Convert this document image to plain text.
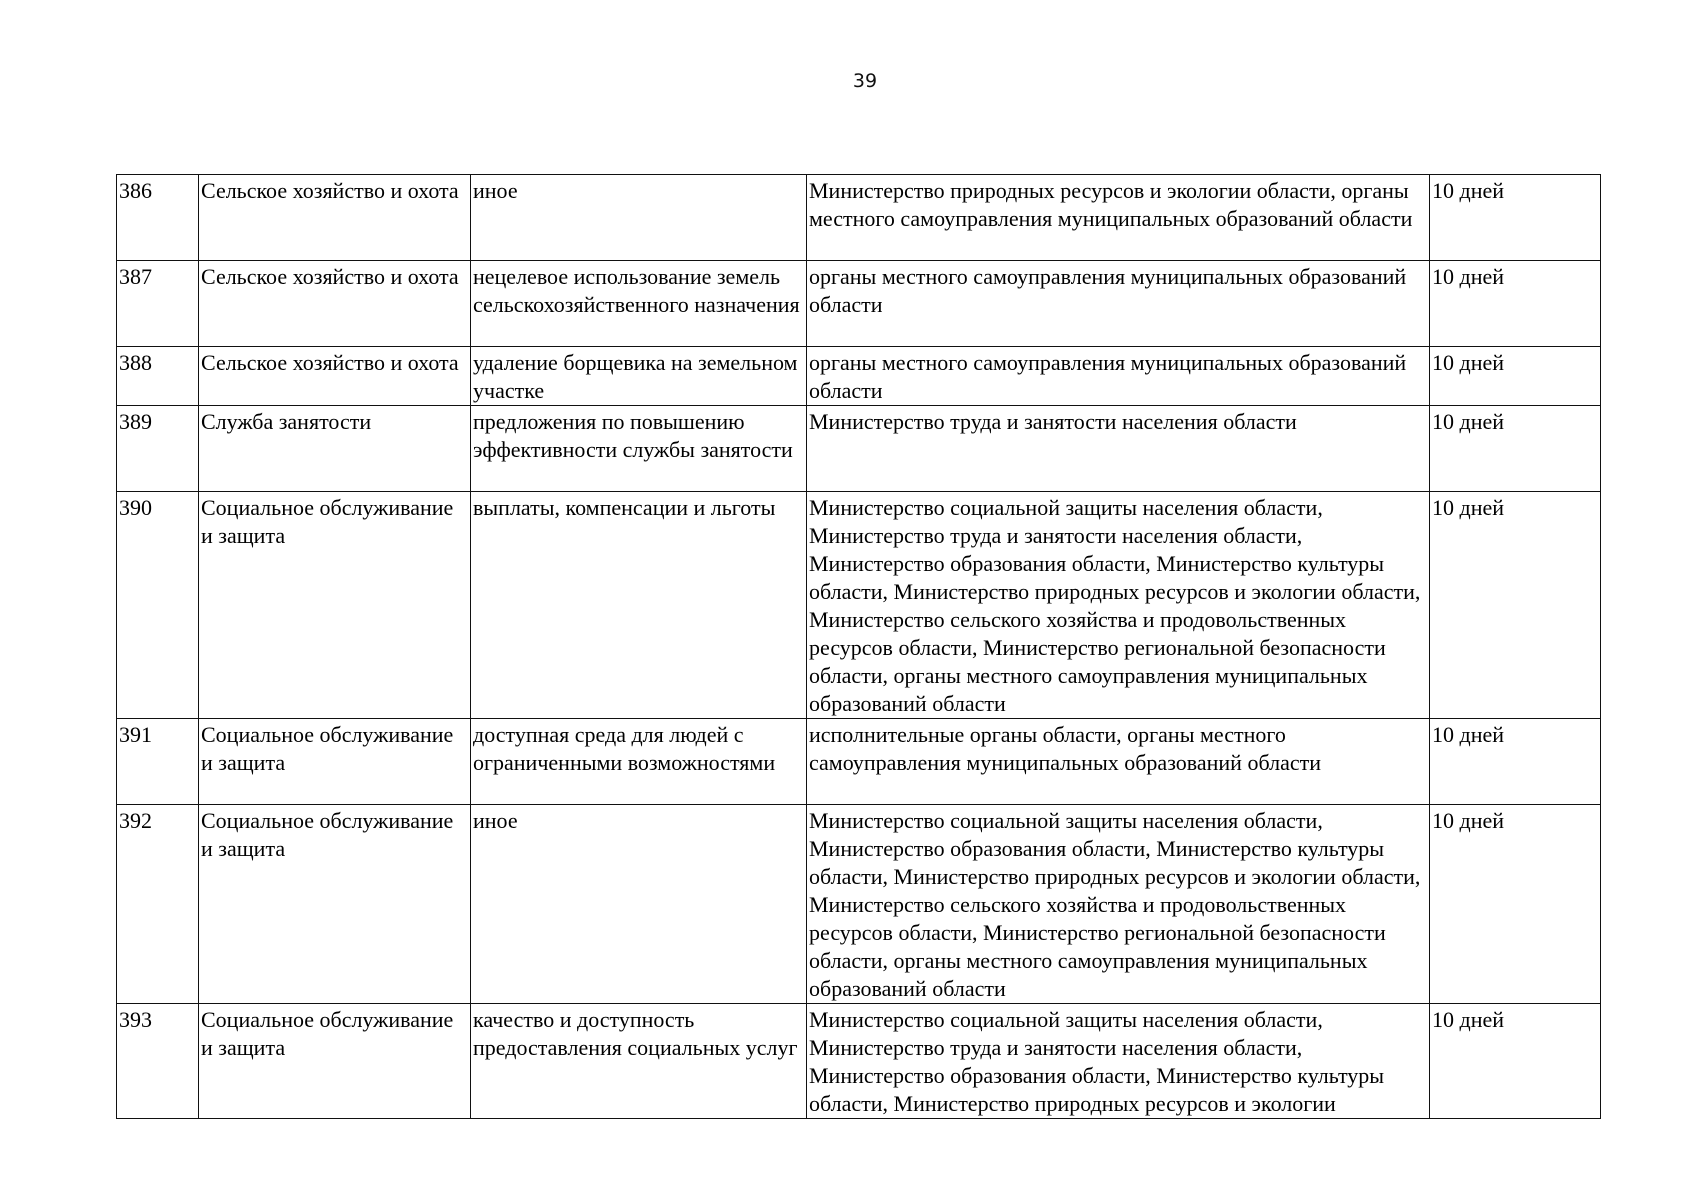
39
386	Сельское хозяйство и охота	иное	Министерство природных ресурсов и экологии области, органы местного самоуправления муниципальных образований области	10 дней
387	Сельское хозяйство и охота	нецелевое использование земель сельскохозяйственного назначения	органы местного самоуправления муниципальных образований области	10 дней
388	Сельское хозяйство и охота	удаление борщевика на земельном участке	органы местного самоуправления муниципальных образований области	10 дней
389	Служба занятости	предложения по повышению эффективности службы занятости	Министерство труда и занятости населения области	10 дней
390	Социальное обслуживание и защита	выплаты, компенсации и льготы	Министерство социальной защиты населения области, Министерство труда и занятости населения области, Министерство образования области, Министерство культуры области, Министерство природных ресурсов и экологии области, Министерство сельского хозяйства и продовольственных ресурсов области, Министерство региональной безопасности области, органы местного самоуправления муниципальных образований области	10 дней
391	Социальное обслуживание и защита	доступная среда для людей с ограниченными возможностями	исполнительные органы области, органы местного самоуправления муниципальных образований области	10 дней
392	Социальное обслуживание и защита	иное	Министерство социальной защиты населения области, Министерство образования области, Министерство культуры области, Министерство природных ресурсов и экологии области, Министерство сельского хозяйства и продовольственных ресурсов области, Министерство региональной безопасности области, органы местного самоуправления муниципальных образований области	10 дней
393	Социальное обслуживание и защита	качество и доступность предоставления социальных услуг	Министерство социальной защиты населения области, Министерство труда и занятости населения области, Министерство образования области, Министерство культуры области, Министерство природных ресурсов и экологии	10 дней
